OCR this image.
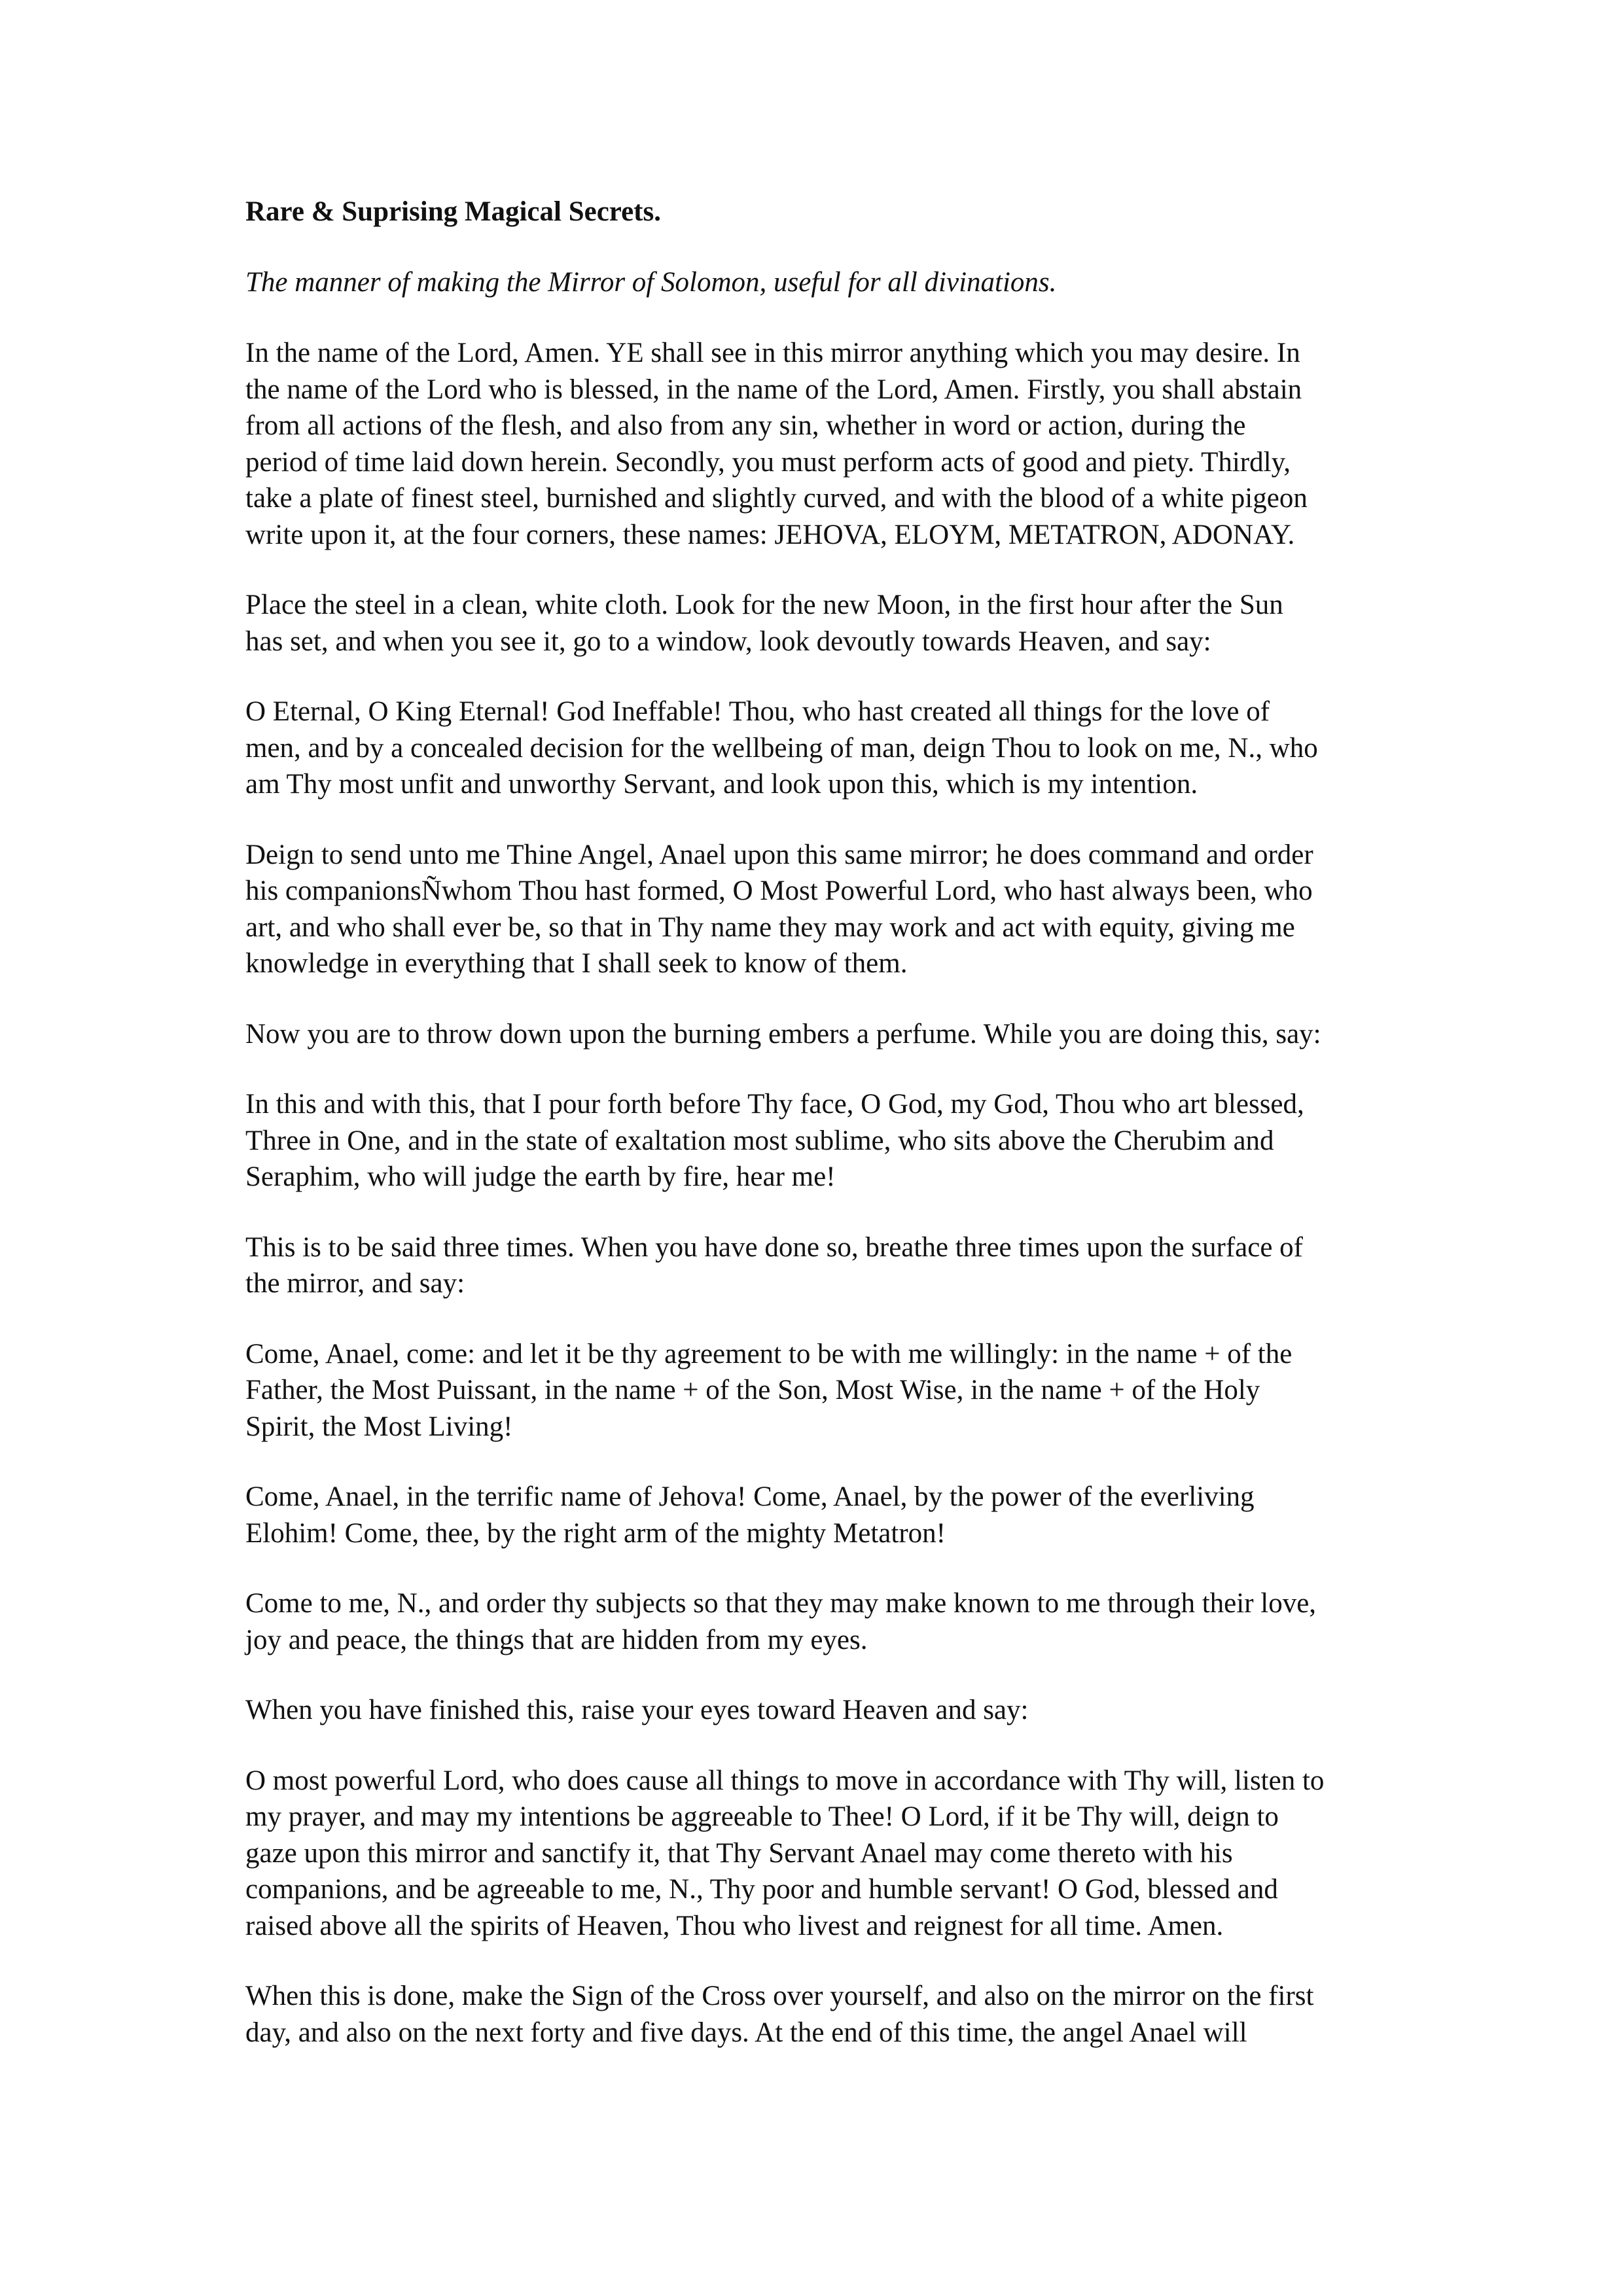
Rare & Suprising Magical Secrets.
The manner of making the Mirror of Solomon, useful for all divinations.
In the name of the Lord, Amen. YE shall see in this mirror anything which you may desire. In
the name of the Lord who is blessed, in the name of the Lord, Amen. Firstly, you shall abstain
from all actions of the flesh, and also from any sin, whether in word or action, during the
period of time laid down herein. Secondly, you must perform acts of good and piety. Thirdly,
take a plate of finest steel, burnished and slightly curved, and with the blood of a white pigeon
write upon it, at the four corners, these names: JEHOVA, ELOYM, METATRON, ADONAY.
Place the steel in a clean, white cloth. Look for the new Moon, in the first hour after the Sun
has set, and when you see it, go to a window, look devoutly towards Heaven, and say:
O Eternal, O King Eternal! God Ineffable! Thou, who hast created all things for the love of
men, and by a concealed decision for the wellbeing of man, deign Thou to look on me, N., who
am Thy most unfit and unworthy Servant, and look upon this, which is my intention.
Deign to send unto me Thine Angel, Anael upon this same mirror; he does command and order
his companionsÑwhom Thou hast formed, O Most Powerful Lord, who hast always been, who
art, and who shall ever be, so that in Thy name they may work and act with equity, giving me
knowledge in everything that I shall seek to know of them.
Now you are to throw down upon the burning embers a perfume. While you are doing this, say:
In this and with this, that I pour forth before Thy face, O God, my God, Thou who art blessed,
Three in One, and in the state of exaltation most sublime, who sits above the Cherubim and
Seraphim, who will judge the earth by fire, hear me!
This is to be said three times. When you have done so, breathe three times upon the surface of
the mirror, and say:
Come, Anael, come: and let it be thy agreement to be with me willingly: in the name + of the
Father, the Most Puissant, in the name + of the Son, Most Wise, in the name + of the Holy
Spirit, the Most Living!
Come, Anael, in the terrific name of Jehova! Come, Anael, by the power of the everliving
Elohim! Come, thee, by the right arm of the mighty Metatron!
Come to me, N., and order thy subjects so that they may make known to me through their love,
joy and peace, the things that are hidden from my eyes.
When you have finished this, raise your eyes toward Heaven and say:
O most powerful Lord, who does cause all things to move in accordance with Thy will, listen to
my prayer, and may my intentions be aggreeable to Thee! O Lord, if it be Thy will, deign to
gaze upon this mirror and sanctify it, that Thy Servant Anael may come thereto with his
companions, and be agreeable to me, N., Thy poor and humble servant! O God, blessed and
raised above all the spirits of Heaven, Thou who livest and reignest for all time. Amen.
When this is done, make the Sign of the Cross over yourself, and also on the mirror on the first
day, and also on the next forty and five days. At the end of this time, the angel Anael will
